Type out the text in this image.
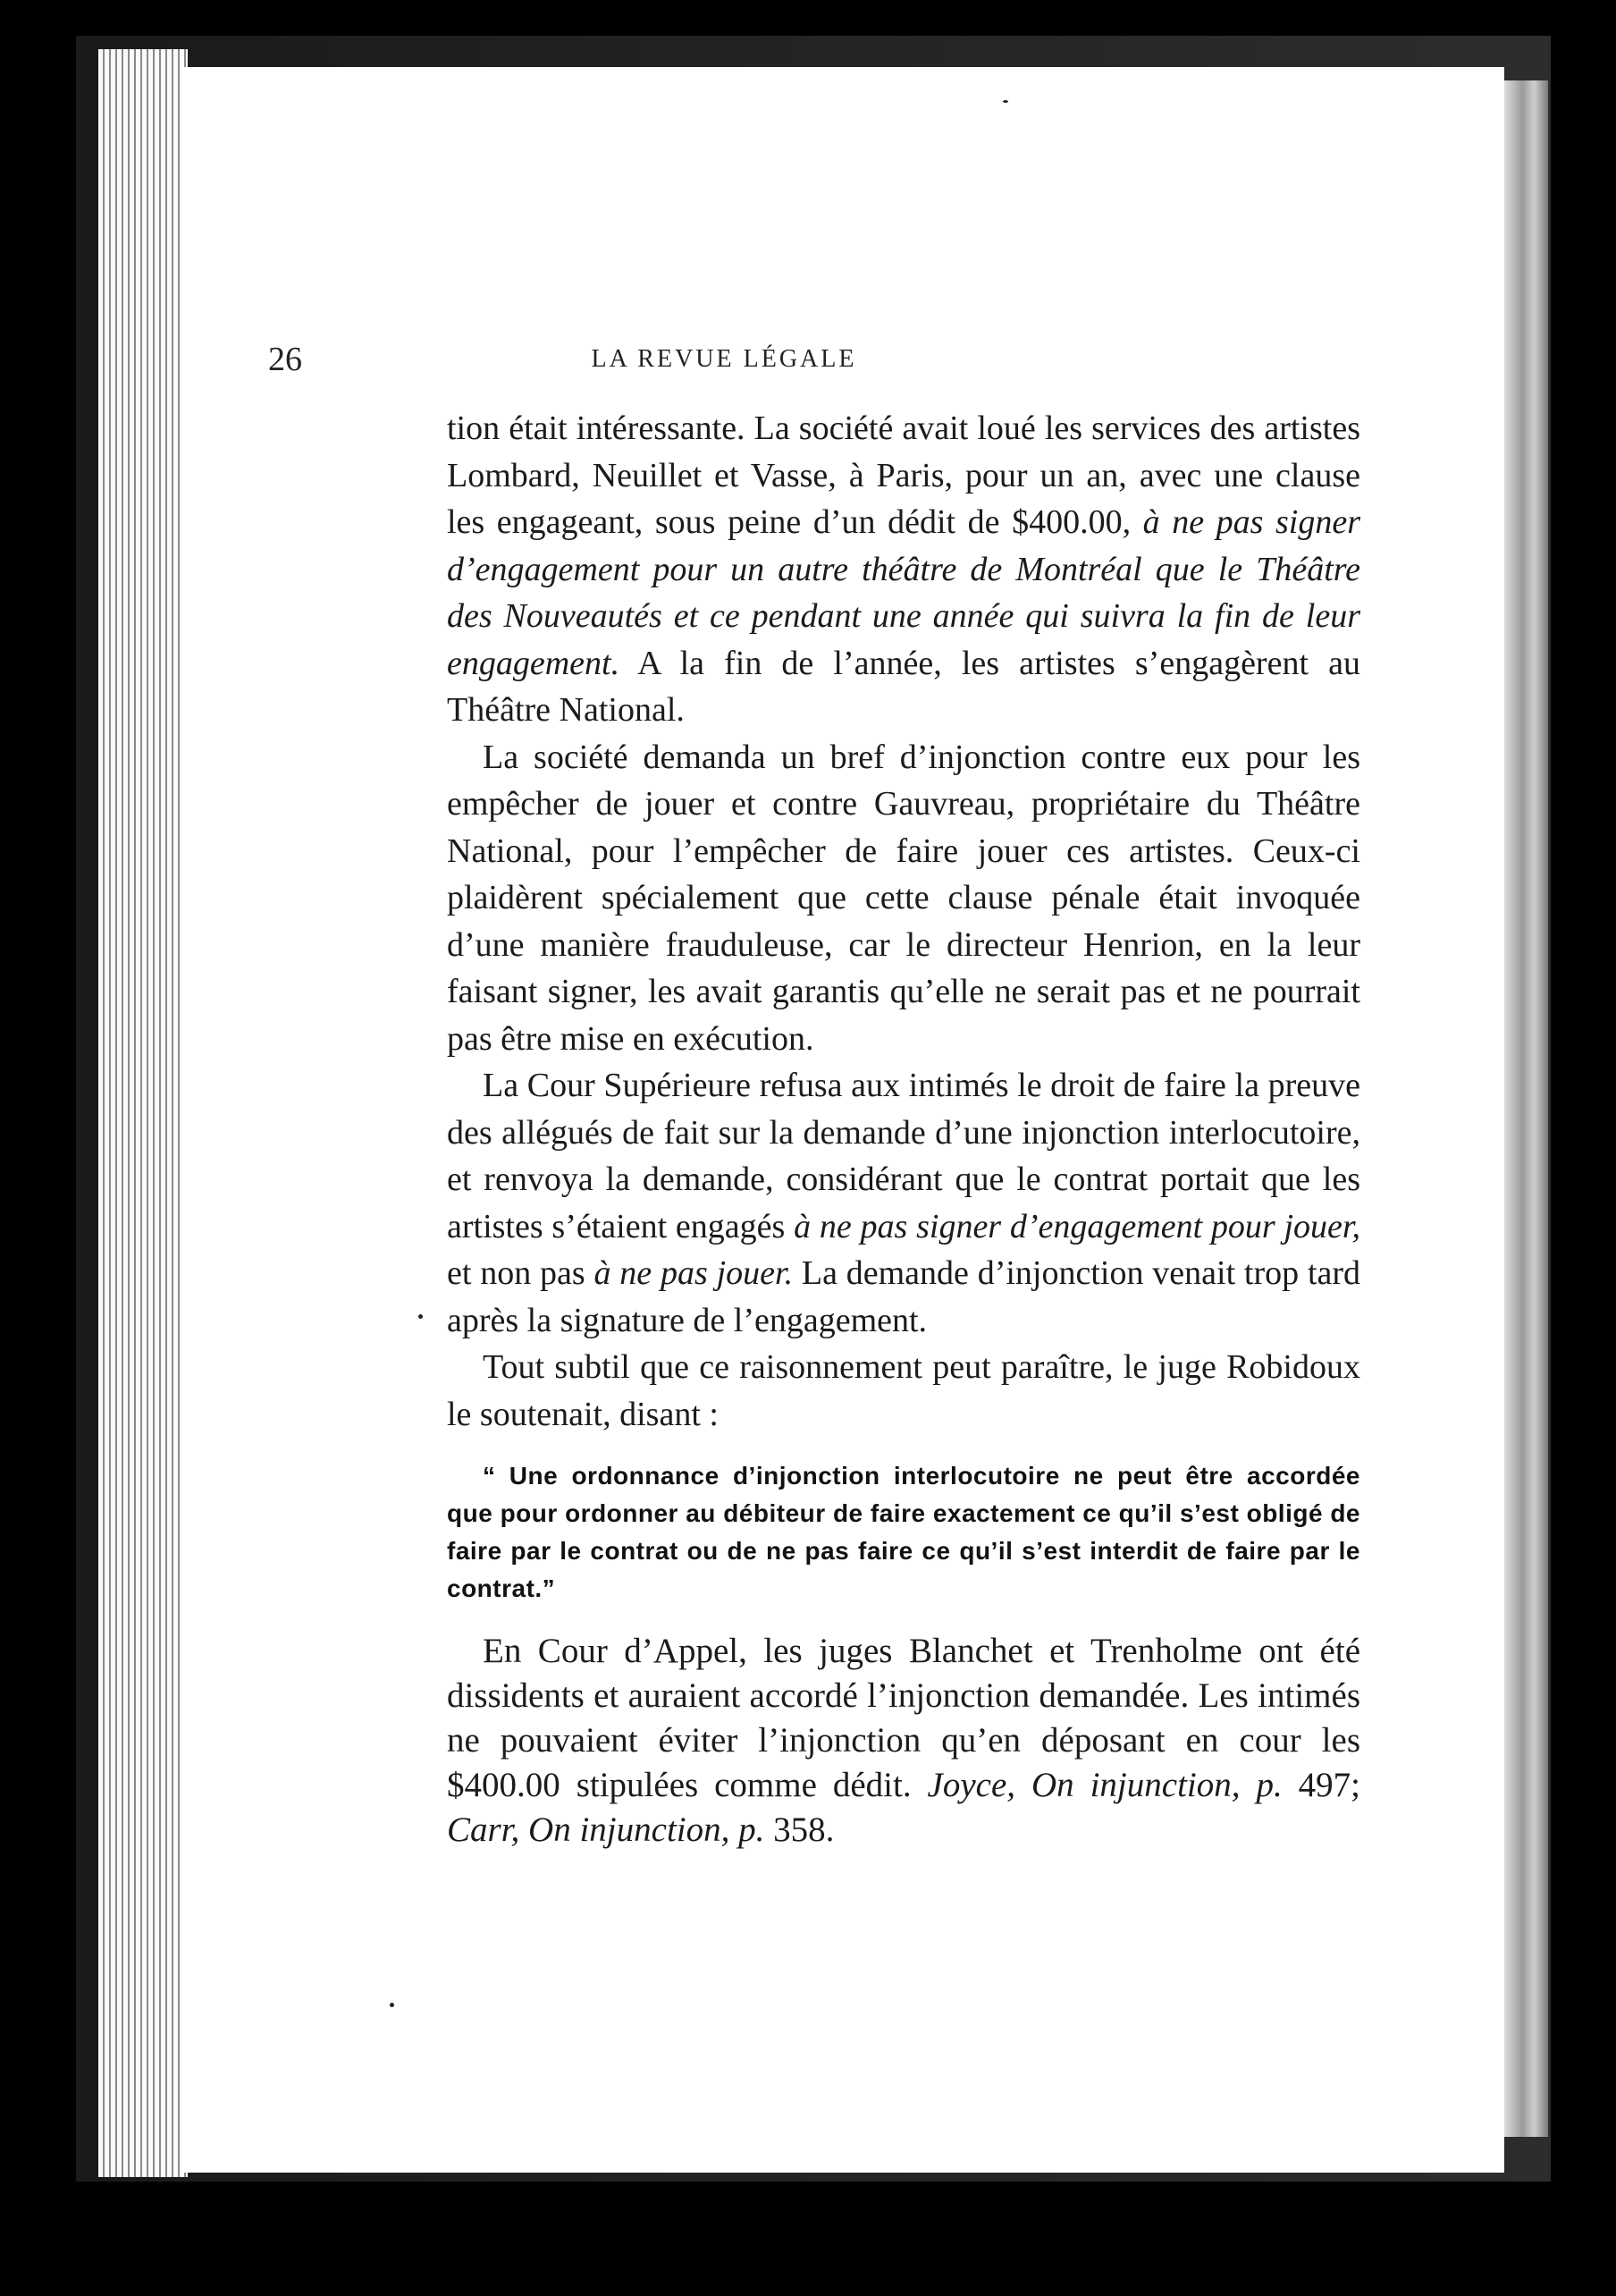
26	LA REVUE LÉGALE

tion était intéressante. La société avait loué les services des artistes Lombard, Neuillet et Vasse, à Paris, pour un an, avec une clause les engageant, sous peine d’un dédit de $400.00, à ne pas signer d’engagement pour un autre théâtre de Montréal que le Théâtre des Nouveautés et ce pendant une année qui suivra la fin de leur engagement. A la fin de l’année, les artistes s’engagèrent au Théâtre National.

La société demanda un bref d’injonction contre eux pour les empêcher de jouer et contre Gauvreau, propriétaire du Théâtre National, pour l’empêcher de faire jouer ces artistes. Ceux-ci plaidèrent spécialement que cette clause pénale était invoquée d’une manière frauduleuse, car le directeur Henrion, en la leur faisant signer, les avait garantis qu’elle ne serait pas et ne pourrait pas être mise en exécution.

La Cour Supérieure refusa aux intimés le droit de faire la preuve des allégués de fait sur la demande d’une injonction interlocutoire, et renvoya la demande, considérant que le contrat portait que les artistes s’étaient engagés à ne pas signer d’engagement pour jouer, et non pas à ne pas jouer. La demande d’injonction venait trop tard après la signature de l’engagement.

Tout subtil que ce raisonnement peut paraître, le juge Robidoux le soutenait, disant :

“ Une ordonnance d’injonction interlocutoire ne peut être accordée que pour ordonner au débiteur de faire exactement ce qu’il s’est obligé de faire par le contrat ou de ne pas faire ce qu’il s’est interdit de faire par le contrat.”

En Cour d’Appel, les juges Blanchet et Trenholme ont été dissidents et auraient accordé l’injonction demandée. Les intimés ne pouvaient éviter l’injonction qu’en déposant en cour les $400.00 stipulées comme dédit. Joyce, On injunction, p. 497; Carr, On injunction, p. 358.
